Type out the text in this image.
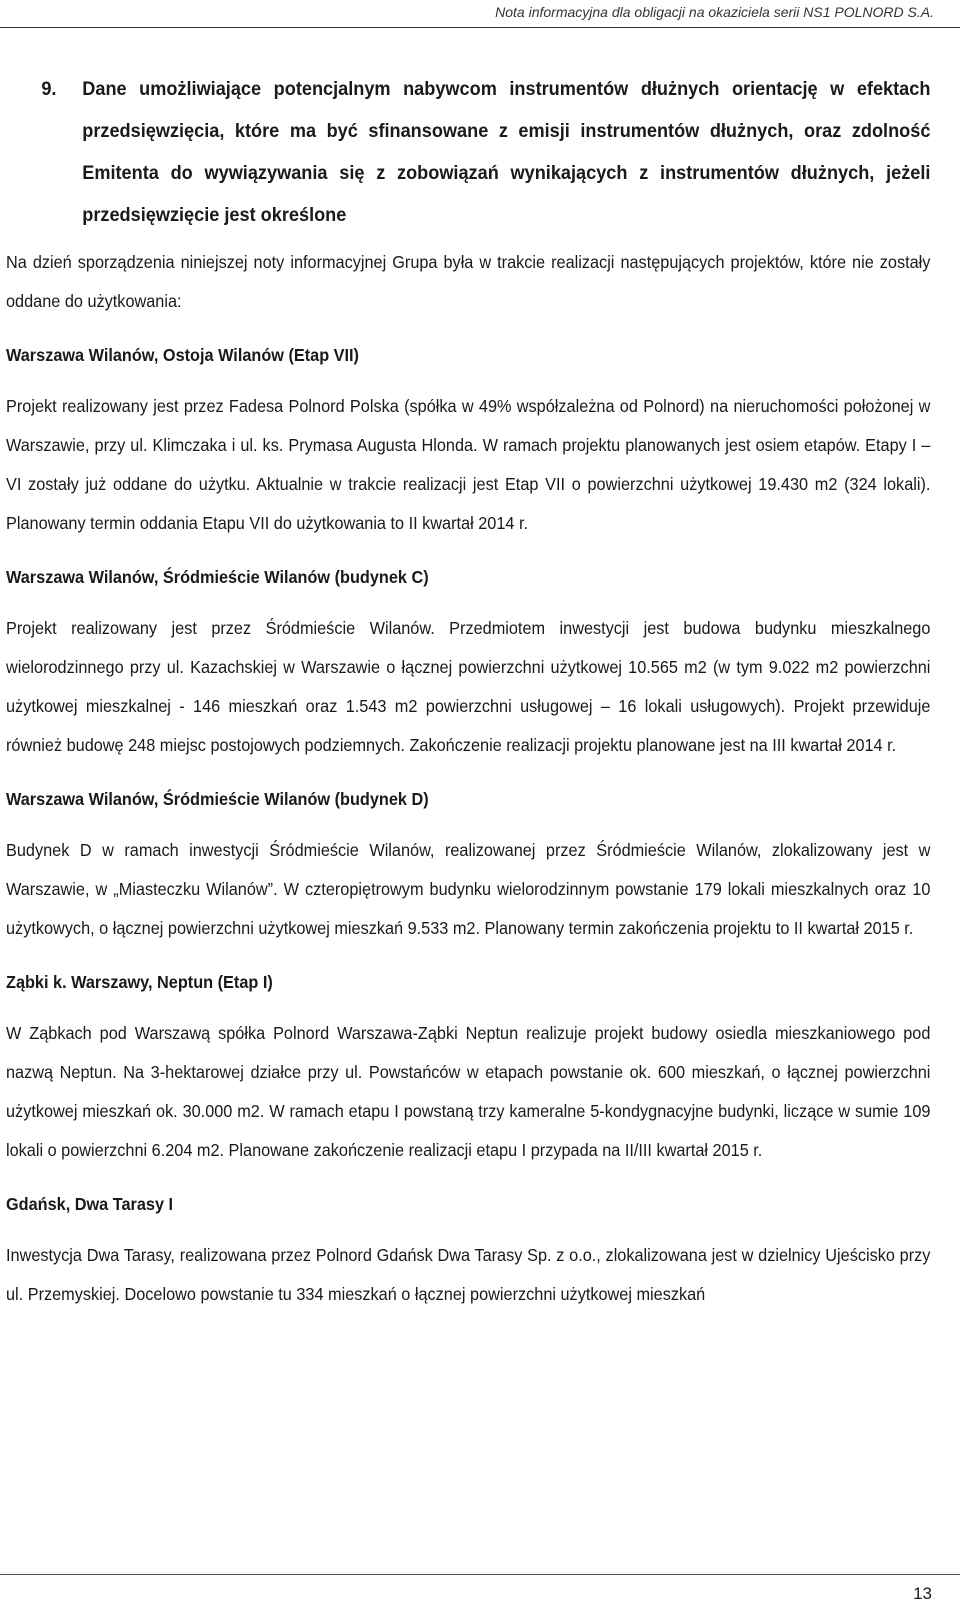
Nota informacyjna dla obligacji na okaziciela serii NS1 POLNORD S.A.
9.	Dane umożliwiające potencjalnym nabywcom instrumentów dłużnych orientację w efektach przedsięwzięcia, które ma być sfinansowane z emisji instrumentów dłużnych, oraz zdolność Emitenta do wywiązywania się z zobowiązań wynikających z instrumentów dłużnych, jeżeli przedsięwzięcie jest określone

Na dzień sporządzenia niniejszej noty informacyjnej Grupa była w trakcie realizacji następujących projektów, które nie zostały oddane do użytkowania:

Warszawa Wilanów, Ostoja Wilanów (Etap VII)

Projekt realizowany jest przez Fadesa Polnord Polska (spółka w 49% współzależna od Polnord) na nieruchomości położonej w Warszawie, przy ul. Klimczaka i ul. ks. Prymasa Augusta Hlonda. W ramach projektu planowanych jest osiem etapów. Etapy I – VI zostały już oddane do użytku. Aktualnie w trakcie realizacji jest Etap VII o powierzchni użytkowej 19.430 m2 (324 lokali). Planowany termin oddania Etapu VII do użytkowania to II kwartał 2014 r.

Warszawa Wilanów, Śródmieście Wilanów (budynek C)

Projekt realizowany jest przez Śródmieście Wilanów. Przedmiotem inwestycji jest budowa budynku mieszkalnego wielorodzinnego przy ul. Kazachskiej w Warszawie o łącznej powierzchni użytkowej 10.565 m2 (w tym 9.022 m2 powierzchni użytkowej mieszkalnej - 146 mieszkań oraz 1.543 m2 powierzchni usługowej – 16 lokali usługowych). Projekt przewiduje również budowę 248 miejsc postojowych podziemnych. Zakończenie realizacji projektu planowane jest na III kwartał 2014 r.

Warszawa Wilanów, Śródmieście Wilanów (budynek D)

Budynek D w ramach inwestycji Śródmieście Wilanów, realizowanej przez Śródmieście Wilanów, zlokalizowany jest w Warszawie, w „Miasteczku Wilanów”. W czteropiętrowym budynku wielorodzinnym powstanie 179 lokali mieszkalnych oraz 10 użytkowych, o łącznej powierzchni użytkowej mieszkań 9.533 m2. Planowany termin zakończenia projektu to II kwartał 2015 r.

Ząbki k. Warszawy, Neptun (Etap I)

W Ząbkach pod Warszawą spółka Polnord Warszawa-Ząbki Neptun realizuje projekt budowy osiedla mieszkaniowego pod nazwą Neptun. Na 3-hektarowej działce przy ul. Powstańców w etapach powstanie ok. 600 mieszkań, o łącznej powierzchni użytkowej mieszkań ok. 30.000 m2. W ramach etapu I powstaną trzy kameralne 5-kondygnacyjne budynki, liczące w sumie 109 lokali o powierzchni 6.204 m2. Planowane zakończenie realizacji etapu I przypada na II/III kwartał 2015 r.

Gdańsk, Dwa Tarasy I

Inwestycja Dwa Tarasy, realizowana przez Polnord Gdańsk Dwa Tarasy Sp. z o.o., zlokalizowana jest w dzielnicy Ujeścisko przy ul. Przemyskiej. Docelowo powstanie tu 334 mieszkań o łącznej powierzchni użytkowej mieszkań

13
